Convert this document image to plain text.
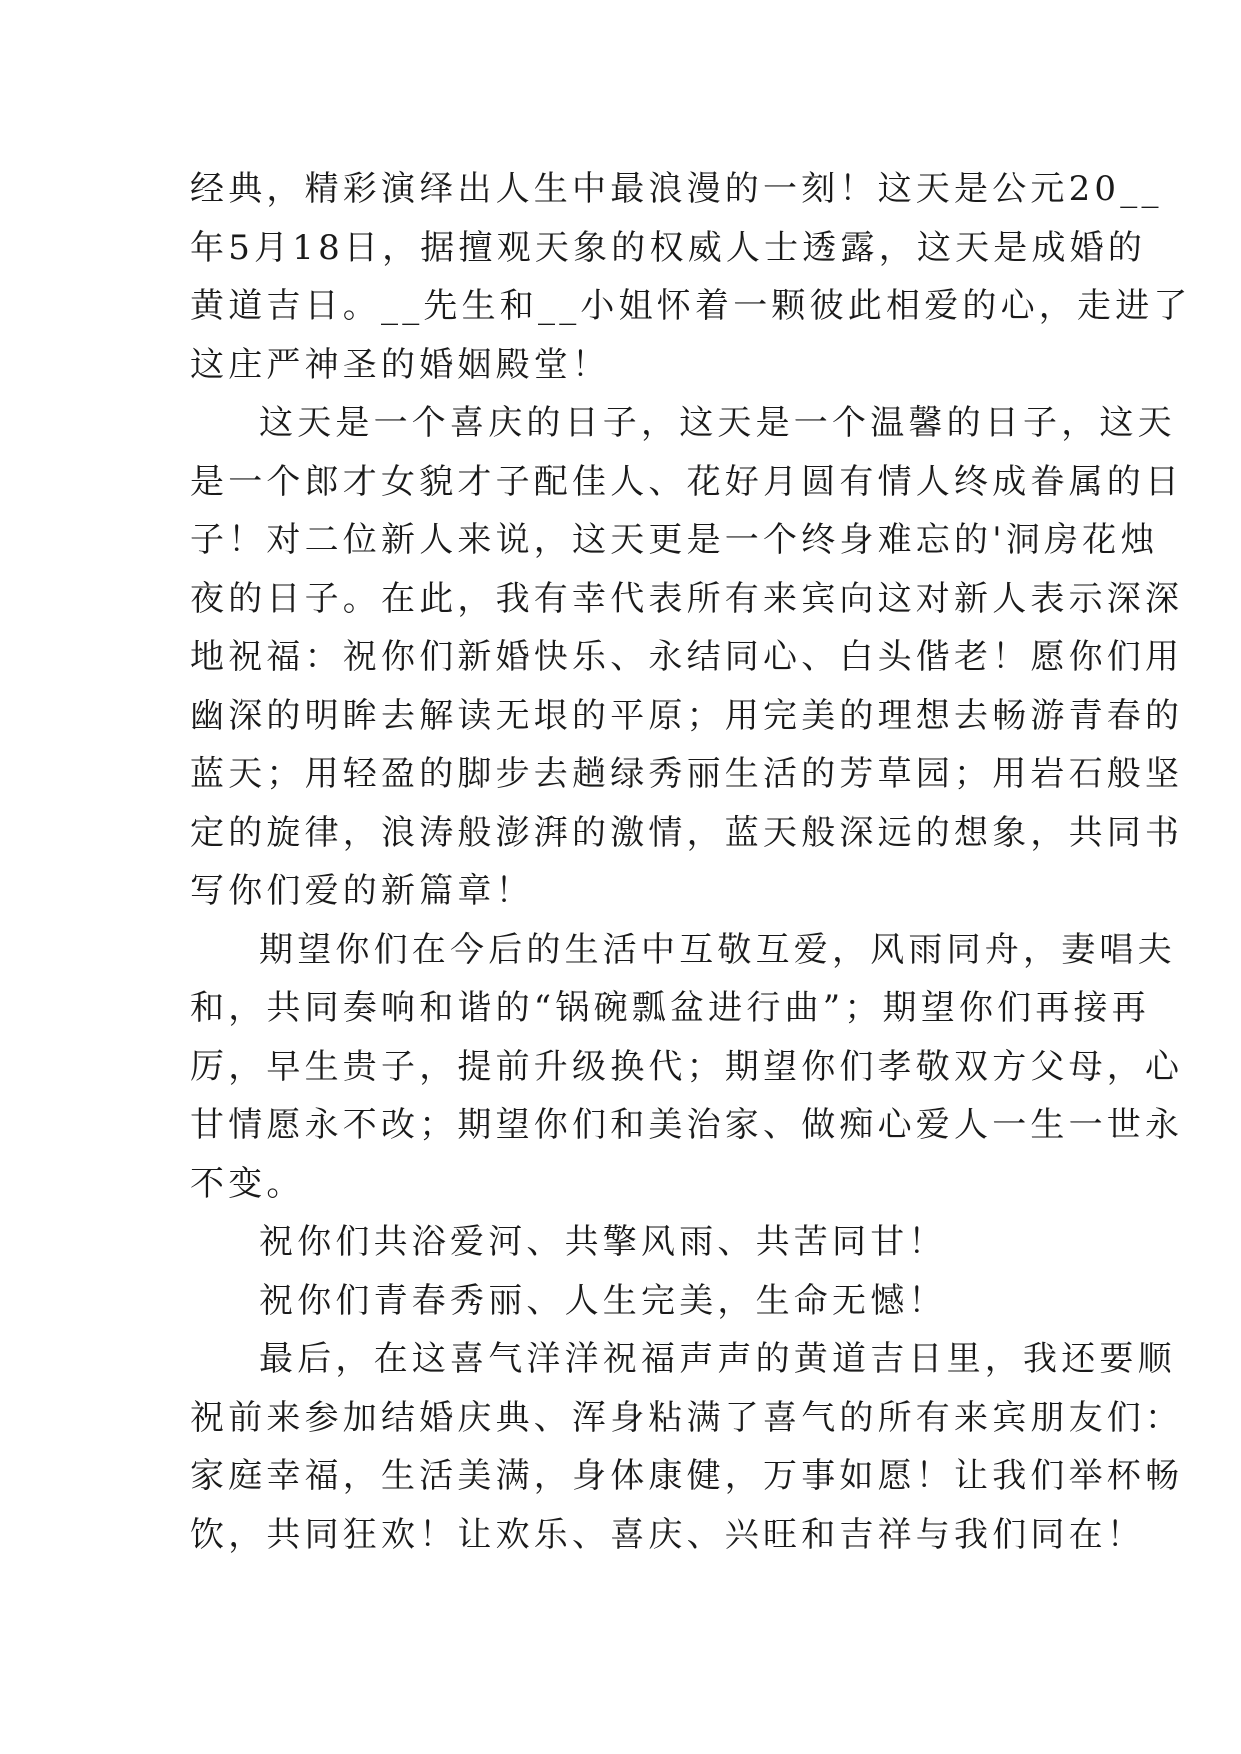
经典，精彩演绎出人生中最浪漫的一刻！这天是公元20__
年5月18日，据擅观天象的权威人士透露，这天是成婚的
黄道吉日。__先生和__小姐怀着一颗彼此相爱的心，走进了
这庄严神圣的婚姻殿堂！
这天是一个喜庆的日子，这天是一个温馨的日子，这天
是一个郎才女貌才子配佳人、花好月圆有情人终成眷属的日
子！对二位新人来说，这天更是一个终身难忘的'洞房花烛
夜的日子。在此，我有幸代表所有来宾向这对新人表示深深
地祝福：祝你们新婚快乐、永结同心、白头偕老！愿你们用
幽深的明眸去解读无垠的平原；用完美的理想去畅游青春的
蓝天；用轻盈的脚步去趟绿秀丽生活的芳草园；用岩石般坚
定的旋律，浪涛般澎湃的激情，蓝天般深远的想象，共同书
写你们爱的新篇章！
期望你们在今后的生活中互敬互爱，风雨同舟，妻唱夫
和，共同奏响和谐的“锅碗瓢盆进行曲”；期望你们再接再
厉，早生贵子，提前升级换代；期望你们孝敬双方父母，心
甘情愿永不改；期望你们和美治家、做痴心爱人一生一世永
不变。
祝你们共浴爱河、共擎风雨、共苦同甘！
祝你们青春秀丽、人生完美，生命无憾！
最后，在这喜气洋洋祝福声声的黄道吉日里，我还要顺
祝前来参加结婚庆典、浑身粘满了喜气的所有来宾朋友们：
家庭幸福，生活美满，身体康健，万事如愿！让我们举杯畅
饮，共同狂欢！让欢乐、喜庆、兴旺和吉祥与我们同在！
